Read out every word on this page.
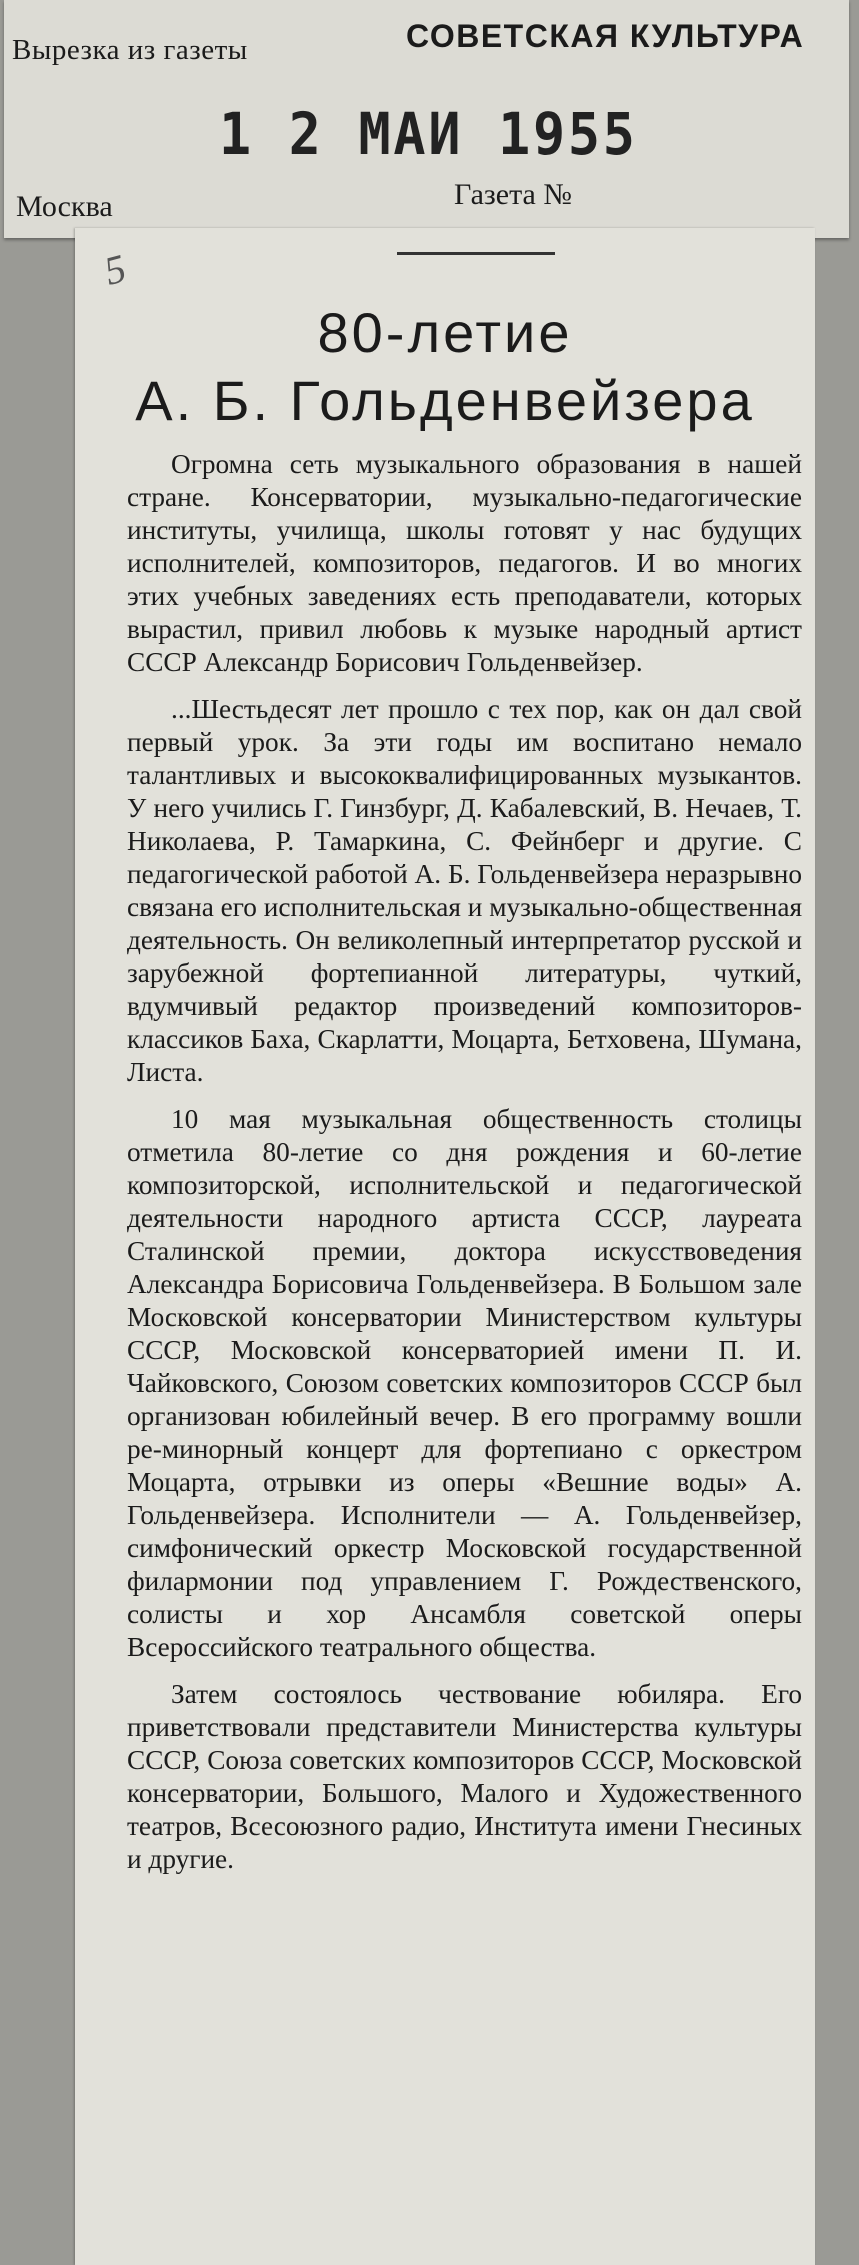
Вырезка из газеты	СОВЕТСКАЯ КУЛЬТУРА
1 2 МАИ 1955
Москва	Газета №
5
80-летие
А. Б. Гольденвейзера

Огромна сеть музыкального образования в нашей стране. Консерватории, музыкально-педагогические институты, училища, школы готовят у нас будущих исполнителей, композиторов, педагогов. И во многих этих учебных заведениях есть преподаватели, которых вырастил, привил любовь к музыке народный артист СССР Александр Борисович Гольденвейзер.

...Шестьдесят лет прошло с тех пор, как он дал свой первый урок. За эти годы им воспитано немало талантливых и высококвалифицированных музыкантов. У него учились Г. Гинзбург, Д. Кабалевский, В. Нечаев, Т. Николаева, Р. Тамаркина, С. Фейнберг и другие. С педагогической работой А. Б. Гольденвейзера неразрывно связана его исполнительская и музыкально-общественная деятельность. Он великолепный интерпретатор русской и зарубежной фортепианной литературы, чуткий, вдумчивый редактор произведений композиторов-классиков Баха, Скарлатти, Моцарта, Бетховена, Шумана, Листа.

10 мая музыкальная общественность столицы отметила 80-летие со дня рождения и 60-летие композиторской, исполнительской и педагогической деятельности народного артиста СССР, лауреата Сталинской премии, доктора искусствоведения Александра Борисовича Гольденвейзера. В Большом зале Московской консерватории Министерством культуры СССР, Московской консерваторией имени П. И. Чайковского, Союзом советских композиторов СССР был организован юбилейный вечер. В его программу вошли ре-минорный концерт для фортепиано с оркестром Моцарта, отрывки из оперы «Вешние воды» А. Гольденвейзера. Исполнители — А. Гольденвейзер, симфонический оркестр Московской государственной филармонии под управлением Г. Рождественского, солисты и хор Ансамбля советской оперы Всероссийского театрального общества.

Затем состоялось чествование юбиляра. Его приветствовали представители Министерства культуры СССР, Союза советских композиторов СССР, Московской консерватории, Большого, Малого и Художественного театров, Всесоюзного радио, Института имени Гнесиных и другие.
